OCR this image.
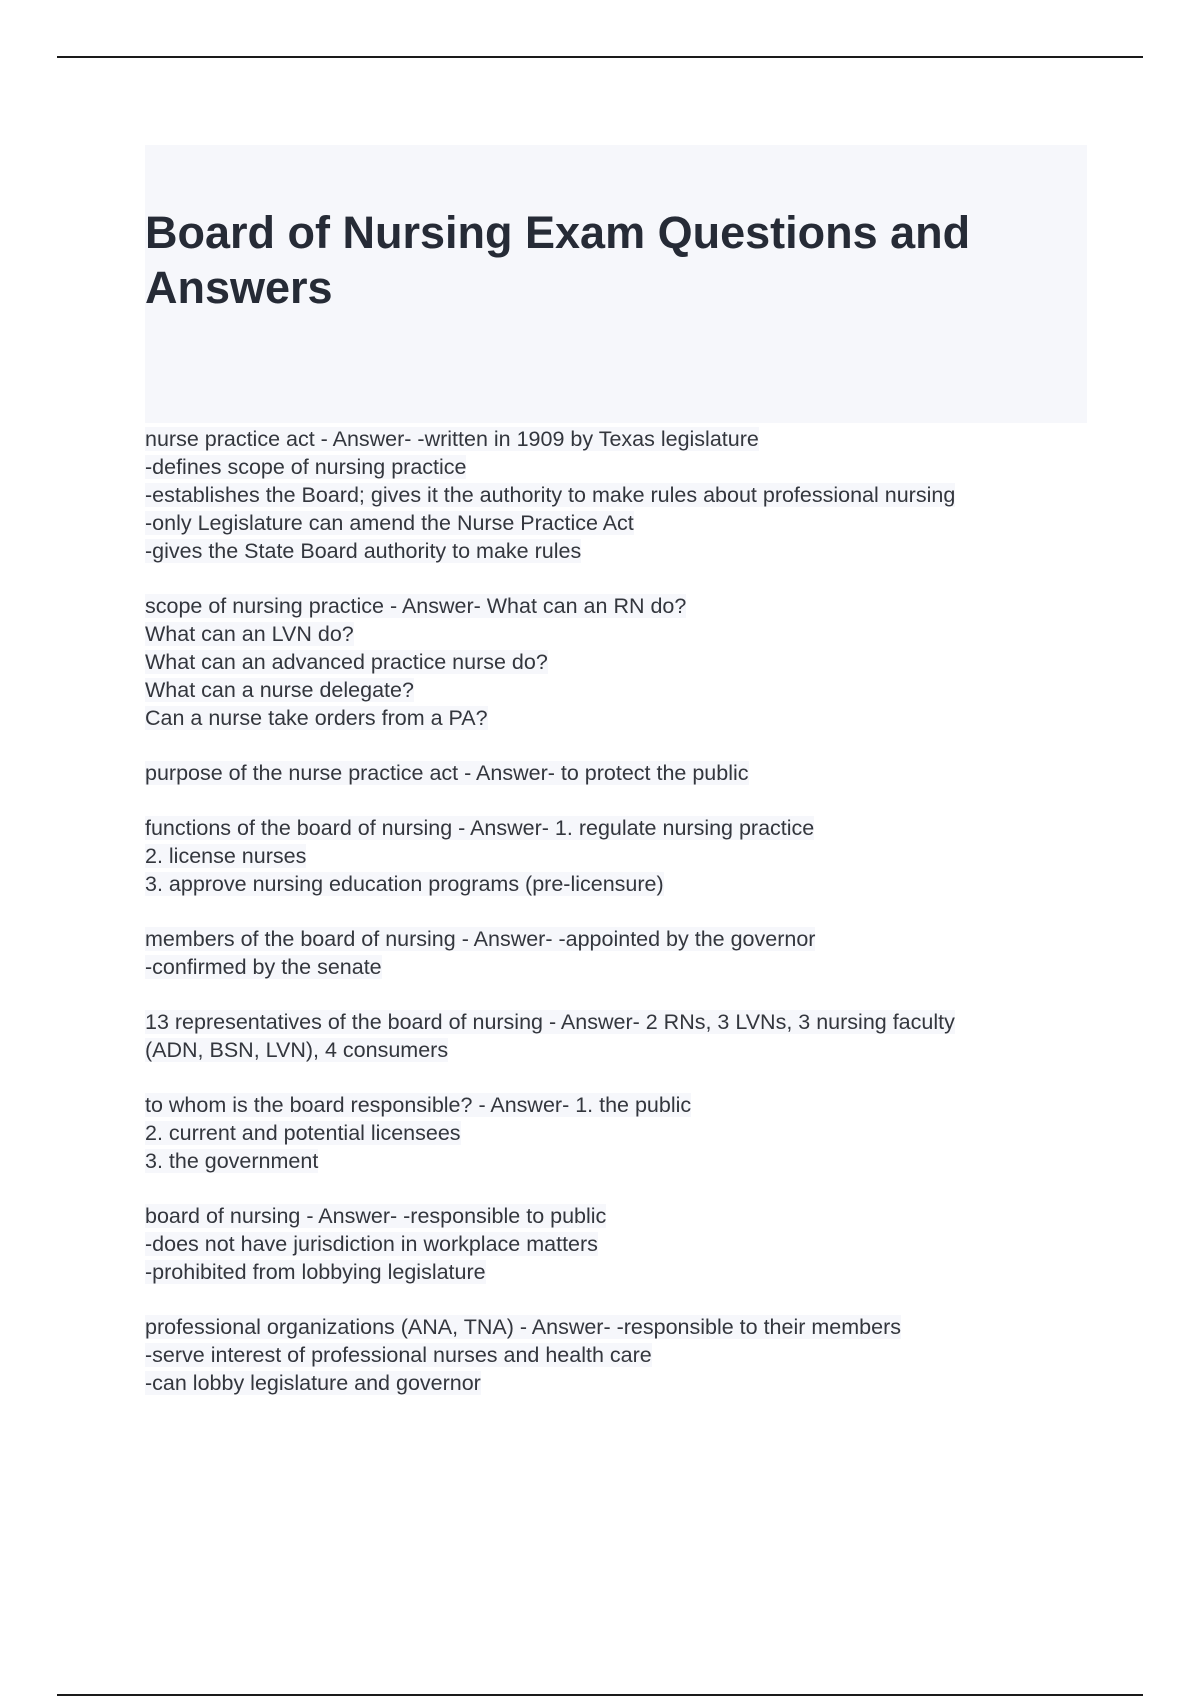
Board of Nursing Exam Questions and Answers
nurse practice act - Answer- -written in 1909 by Texas legislature
-defines scope of nursing practice
-establishes the Board; gives it the authority to make rules about professional nursing
-only Legislature can amend the Nurse Practice Act
-gives the State Board authority to make rules
scope of nursing practice - Answer- What can an RN do?
What can an LVN do?
What can an advanced practice nurse do?
What can a nurse delegate?
Can a nurse take orders from a PA?
purpose of the nurse practice act - Answer- to protect the public
functions of the board of nursing - Answer- 1. regulate nursing practice
2. license nurses
3. approve nursing education programs (pre-licensure)
members of the board of nursing - Answer- -appointed by the governor
-confirmed by the senate
13 representatives of the board of nursing - Answer- 2 RNs, 3 LVNs, 3 nursing faculty
(ADN, BSN, LVN), 4 consumers
to whom is the board responsible? - Answer- 1. the public
2. current and potential licensees
3. the government
board of nursing - Answer- -responsible to public
-does not have jurisdiction in workplace matters
-prohibited from lobbying legislature
professional organizations (ANA, TNA) - Answer- -responsible to their members
-serve interest of professional nurses and health care
-can lobby legislature and governor
